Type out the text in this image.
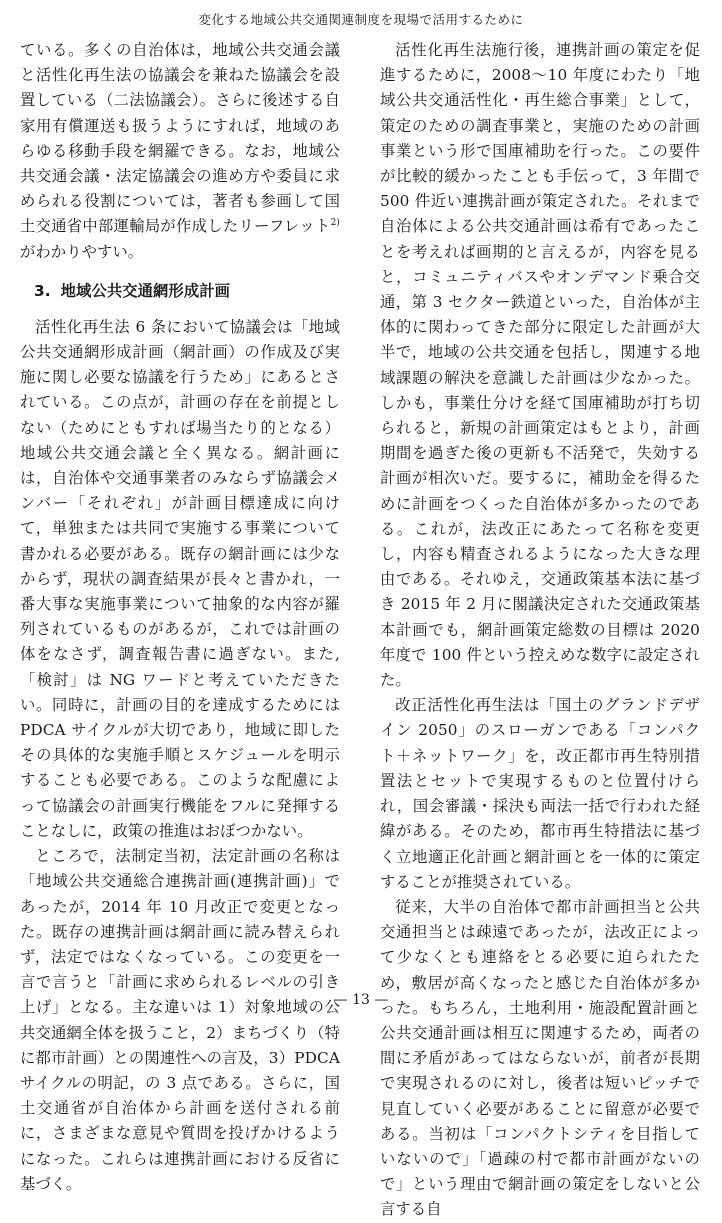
変化する地域公共交通関連制度を現場で活用するために

ている。多くの自治体は，地域公共交通会議と活性化再生法の協議会を兼ねた協議会を設置している（二法協議会）。さらに後述する自家用有償運送も扱うようにすれば，地域のあらゆる移動手段を網羅できる。なお，地域公共交通会議・法定協議会の進め方や委員に求められる役割については，著者も参画して国土交通省中部運輸局が作成したリーフレット$^{2)}$がわかりやすい。

3. 地域公共交通網形成計画

活性化再生法 6 条において協議会は「地域公共交通網形成計画（網計画）の作成及び実施に関し必要な協議を行うため」にあるとされている。この点が，計画の存在を前提としない（ためにともすれば場当たり的となる）地域公共交通会議と全く異なる。網計画には，自治体や交通事業者のみならず協議会メンバー「それぞれ」が計画目標達成に向けて，単独または共同で実施する事業について書かれる必要がある。既存の網計画には少なからず，現状の調査結果が長々と書かれ，一番大事な実施事業について抽象的な内容が羅列されているものがあるが，これでは計画の体をなさず，調査報告書に過ぎない。また,「検討」は NG ワードと考えていただきたい。同時に，計画の目的を達成するためには PDCA サイクルが大切であり，地域に即したその具体的な実施手順とスケジュールを明示することも必要である。このような配慮によって協議会の計画実行機能をフルに発揮することなしに，政策の推進はおぼつかない。

ところで，法制定当初，法定計画の名称は「地域公共交通総合連携計画(連携計画)」であったが，2014 年 10 月改正で変更となった。既存の連携計画は網計画に読み替えられず，法定ではなくなっている。この変更を一言で言うと「計画に求められるレベルの引き上げ」となる。主な違いは 1）対象地域の公共交通網全体を扱うこと，2）まちづくり（特に都市計画）との関連性への言及，3）PDCA サイクルの明記，の 3 点である。さらに，国土交通省が自治体から計画を送付される前に，さまざまな意見や質問を投げかけるようになった。これらは連携計画における反省に基づく。

活性化再生法施行後，連携計画の策定を促進するために，2008～10 年度にわたり「地域公共交通活性化・再生総合事業」として，策定のための調査事業と，実施のための計画事業という形で国庫補助を行った。この要件が比較的緩かったことも手伝って，3 年間で 500 件近い連携計画が策定された。それまで自治体による公共交通計画は希有であったことを考えれば画期的と言えるが，内容を見ると，コミュニティバスやオンデマンド乗合交通，第 3 セクター鉄道といった，自治体が主体的に関わってきた部分に限定した計画が大半で，地域の公共交通を包括し，関連する地域課題の解決を意識した計画は少なかった。しかも，事業仕分けを経て国庫補助が打ち切られると，新規の計画策定はもとより，計画期間を過ぎた後の更新も不活発で，失効する計画が相次いだ。要するに，補助金を得るために計画をつくった自治体が多かったのである。これが，法改正にあたって名称を変更し，内容も精査されるようになった大きな理由である。それゆえ，交通政策基本法に基づき 2015 年 2 月に閣議決定された交通政策基本計画でも，網計画策定総数の目標は 2020 年度で 100 件という控えめな数字に設定された。

改正活性化再生法は「国土のグランドデザイン 2050」のスローガンである「コンパクト＋ネットワーク」を，改正都市再生特別措置法とセットで実現するものと位置付けられ，国会審議・採決も両法一括で行われた経緯がある。そのため，都市再生特措法に基づく立地適正化計画と網計画とを一体的に策定することが推奨されている。

従来，大半の自治体で都市計画担当と公共交通担当とは疎遠であったが，法改正によって少なくとも連絡をとる必要に迫られたため，敷居が高くなったと感じた自治体が多かった。もちろん，土地利用・施設配置計画と公共交通計画は相互に関連するため，両者の間に矛盾があってはならないが，前者が長期で実現されるのに対し，後者は短いピッチで見直していく必要があることに留意が必要である。当初は「コンパクトシティを目指していないので」「過疎の村で都市計画がないので」という理由で網計画の策定をしないと公言する自

— 13 —
